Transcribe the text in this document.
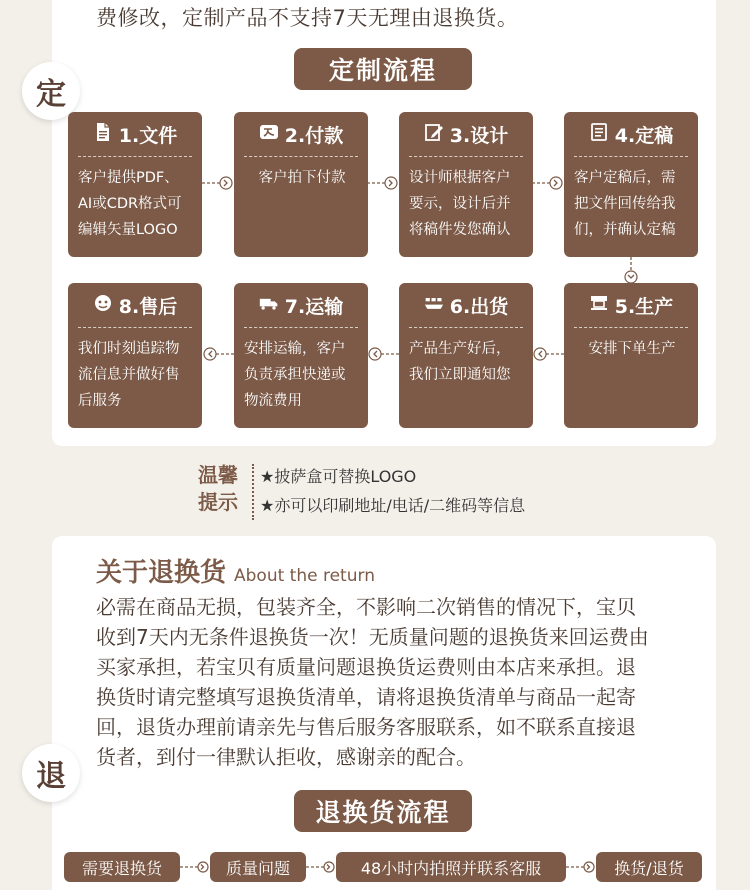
费修改，定制产品不支持7天无理由退换货。
定
定制流程
1.文件
客户提供PDF、
AI或CDR格式可
编辑矢量LOGO
2.付款
客户拍下付款
3.设计
设计师根据客户
要示，设计后并
将稿件发您确认
4.定稿
客户定稿后，需
把文件回传给我
们，并确认定稿
8.售后
我们时刻追踪物
流信息并做好售
后服务
7.运输
安排运输，客户
负责承担快递或
物流费用
6.出货
产品生产好后，
我们立即通知您
5.生产
安排下单生产
温馨
提示
★披萨盒可替换LOGO
★亦可以印刷地址/电话/二维码等信息
关于退换货 About the return

必需在商品无损，包装齐全，不影响二次销售的情况下，宝贝

收到7天内无条件退换货一次！无质量问题的退换货来回运费由

买家承担，若宝贝有质量问题退换货运费则由本店来承担。退

换货时请完整填写退换货清单，请将退换货清单与商品一起寄

回，退货办理前请亲先与售后服务客服联系，如不联系直接退

货者，到付一律默认拒收，感谢亲的配合。

退
退换货流程
需要退换货	质量问题	48小时内拍照并联系客服	换货/退货
